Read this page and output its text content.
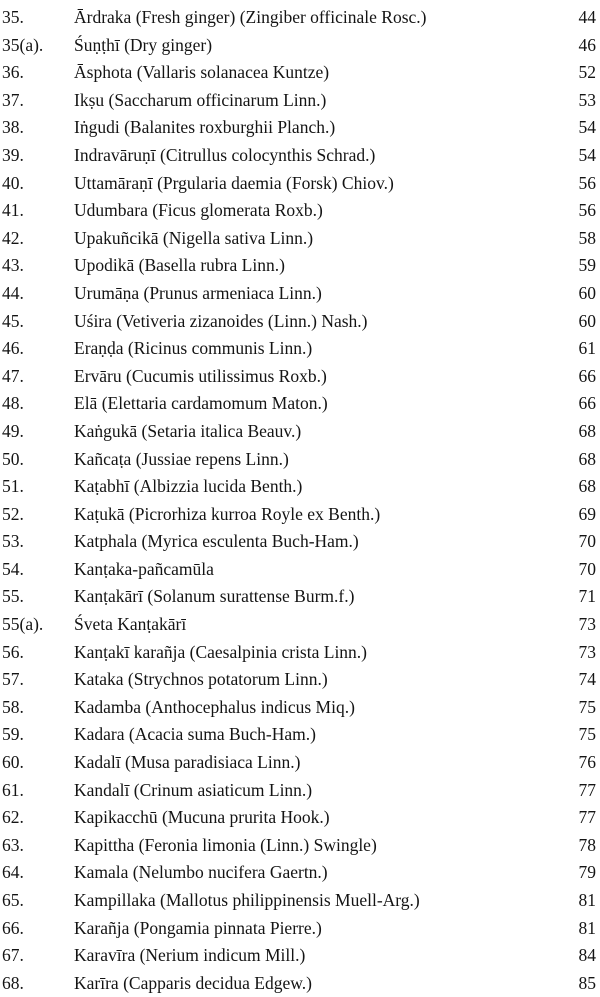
35.	Ārdraka (Fresh ginger) (Zingiber officinale Rosc.)	44
35(a). Śuṇṭhī (Dry ginger)	46
36.	Āsphota (Vallaris solanacea Kuntze)	52
37.	Ikṣu (Saccharum officinarum Linn.)	53
38.	Iṅgudi (Balanites roxburghii Planch.)	54
39.	Indravāruṇī (Citrullus colocynthis Schrad.)	54
40.	Uttamāraṇī (Prgularia daemia (Forsk) Chiov.)	56
41.	Udumbara (Ficus glomerata Roxb.)	56
42.	Upakuñcikā (Nigella sativa Linn.)	58
43.	Upodikā (Basella rubra Linn.)	59
44.	Urumāṇa (Prunus armeniaca Linn.)	60
45.	Uśira (Vetiveria zizanoides (Linn.) Nash.)	60
46.	Eraṇḍa (Ricinus communis Linn.)	61
47.	Ervāru (Cucumis utilissimus Roxb.)	66
48.	Elā (Elettaria cardamomum Maton.)	66
49.	Kaṅgukā (Setaria italica Beauv.)	68
50.	Kañcaṭa (Jussiae repens Linn.)	68
51.	Kaṭabhī (Albizzia lucida Benth.)	68
52.	Kaṭukā (Picrorhiza kurroa Royle ex Benth.)	69
53.	Katphala (Myrica esculenta Buch-Ham.)	70
54.	Kanṭaka-pañcamūla	70
55.	Kanṭakārī (Solanum surattense Burm.f.)	71
55(a). Śveta Kanṭakārī	73
56.	Kanṭakī karañja (Caesalpinia crista Linn.)	73
57.	Kataka (Strychnos potatorum Linn.)	74
58.	Kadamba (Anthocephalus indicus Miq.)	75
59.	Kadara (Acacia suma Buch-Ham.)	75
60.	Kadalī (Musa paradisiaca Linn.)	76
61.	Kandalī (Crinum asiaticum Linn.)	77
62.	Kapikacchū (Mucuna prurita Hook.)	77
63.	Kapittha (Feronia limonia (Linn.) Swingle)	78
64.	Kamala (Nelumbo nucifera Gaertn.)	79
65.	Kampillaka (Mallotus philippinensis Muell-Arg.)	81
66.	Karañja (Pongamia pinnata Pierre.)	81
67.	Karavīra (Nerium indicum Mill.)	84
68.	Karīra (Capparis decidua Edgew.)	85
